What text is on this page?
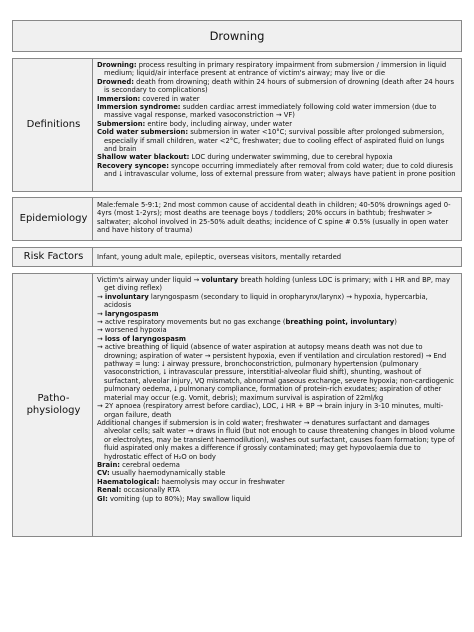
Drowning
Definitions

Drowning: process resulting in primary respiratory impairment from submersion / immersion in liquid medium; liquid/air interface present at entrance of victim's airway; may live or die

Drowned: death from drowning; death within 24 hours of submersion of drowning (death after 24 hours is secondary to complications)

Immersion: covered in water

Immersion syndrome: sudden cardiac arrest immediately following cold water immersion (due to massive vagal response, marked vasoconstriction → VF)

Submersion: entire body, including airway, under water

Cold water submersion: submersion in water <10°C; survival possible after prolonged submersion, especially if small children, water <2°C, freshwater; due to cooling effect of aspirated fluid on lungs and brain

Shallow water blackout: LOC during underwater swimming, due to cerebral hypoxia

Recovery syncope: syncope occurring immediately after removal from cold water; due to cold diuresis and ⭣ intravascular volume, loss of external pressure from water; always have patient in prone position

Epidemiology

Male:female 5-9:1; 2nd most common cause of accidental death in children; 40-50% drownings aged 0-4yrs (most 1-2yrs); most deaths are teenage boys / toddlers; 20% occurs in bathtub; freshwater > saltwater; alcohol involved in 25-50% adult deaths; incidence of C spine # 0.5% (usually in open water and have history of trauma)

Risk Factors	Infant, young adult male, epileptic, overseas visitors, mentally retarded

Patho-physiology

Victim's airway under liquid → voluntary breath holding (unless LOC is primary; with ⭣ HR and BP, may get diving reflex)

→ involuntary laryngospasm (secondary to liquid in oropharynx/larynx) → hypoxia, hypercarbia, acidosis

→ laryngospasm

→ active respiratory movements but no gas exchange (breathing point, involuntary)

→ worsened hypoxia

→ loss of laryngospasm

→ active breathing of liquid (absence of water aspiration at autopsy means death was not due to drowning; aspiration of water → persistent hypoxia, even if ventilation and circulation restored) → End pathway = lung: ⭣ airway pressure, bronchoconstriction, pulmonary hypertension (pulmonary vasoconstriction, ⭣ intravascular pressure, interstitial-alveolar fluid shift), shunting, washout of surfactant, alveolar injury, VQ mismatch, abnormal gaseous exchange, severe hypoxia; non-cardiogenic pulmonary oedema, ⭣ pulmonary compliance, formation of protein-rich exudates; aspiration of other material may occur (e.g. Vomit, debris); maximum survival is aspiration of 22ml/kg

→ 2Y apnoea (respiratory arrest before cardiac), LOC, ⭣ HR + BP → brain injury in 3-10 minutes, multi-organ failure, death

Additional changes if submersion is in cold water; freshwater → denatures surfactant and damages alveolar cells; salt water → draws in fluid (but not enough to cause threatening changes in blood volume or electrolytes, may be transient haemodilution), washes out surfactant, causes foam formation; type of fluid aspirated only makes a difference if grossly contaminated; may get hypovolaemia due to hydrostatic effect of H₂O on body

Brain: cerebral oedema

CV: usually haemodynamically stable

Haematological: haemolysis may occur in freshwater

Renal: occasionally RTA

GI: vomiting (up to 80%); May swallow liquid
